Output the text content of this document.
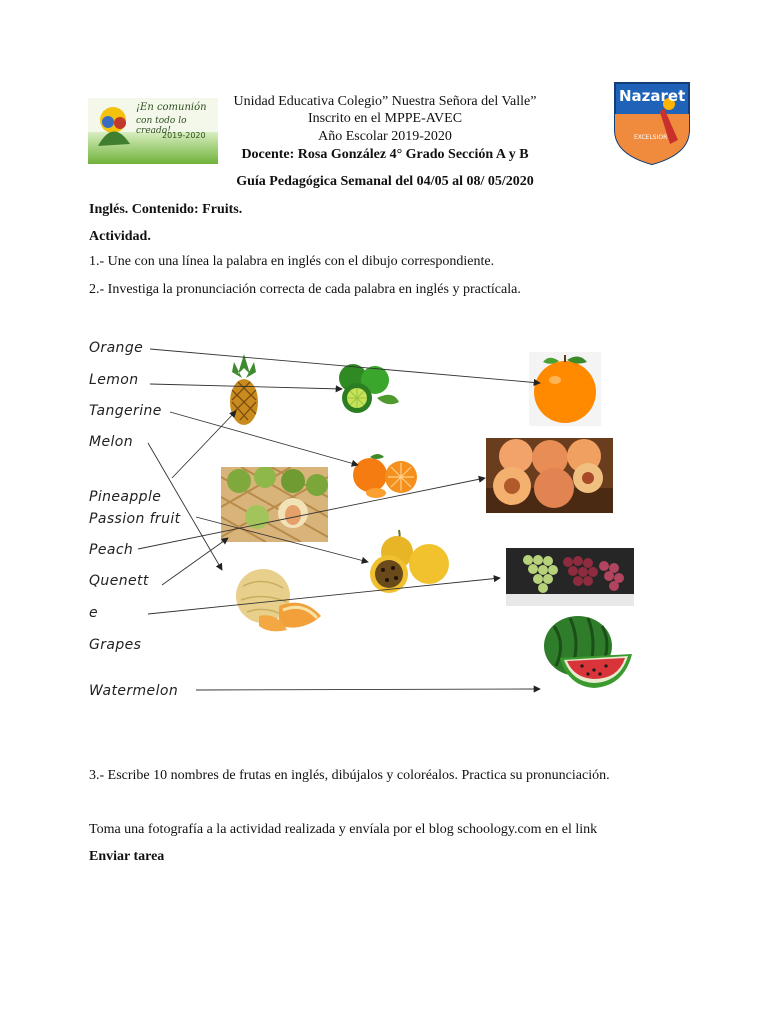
¡En comunión
con todo lo creado!
2019-2020
Nazaret
EXCELSIOR
Unidad Educativa Colegio” Nuestra Señora del Valle”
Inscrito en el MPPE-AVEC
Año Escolar 2019-2020
Docente: Rosa González 4° Grado Sección A y B
Guía Pedagógica Semanal del 04/05 al 08/ 05/2020
Inglés. Contenido: Fruits.
Actividad.
1.- Une con una línea la palabra en inglés con el dibujo correspondiente.
2.- Investiga la pronunciación correcta de cada palabra en inglés y practícala.
Orange
Lemon
Tangerine
Melon
Pineapple
Passion fruit
Peach
Quenett
e
Grapes
Watermelon
3.- Escribe 10 nombres de frutas en inglés, dibújalos y coloréalos. Practica su pronunciación.
Toma una fotografía a la actividad realizada y envíala por el blog schoology.com en el link
Enviar tarea
